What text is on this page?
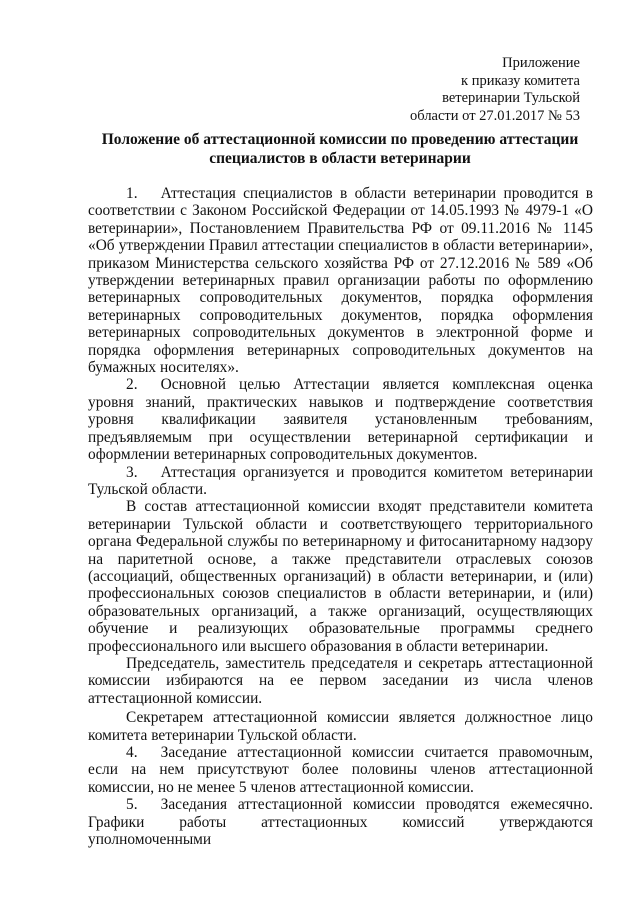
Приложение
к приказу комитета
ветеринарии Тульской
области от 27.01.2017 № 53
Положение об аттестационной комиссии по проведению аттестации
специалистов в области ветеринарии

1.  Аттестация специалистов в области ветеринарии проводится в соответствии с Законом Российской Федерации от 14.05.1993 № 4979-1 «О ветеринарии», Постановлением Правительства РФ от 09.11.2016 № 1145 «Об утверждении Правил аттестации специалистов в области ветеринарии», приказом Министерства сельского хозяйства РФ от 27.12.2016 № 589 «Об утверждении ветеринарных правил организации работы по оформлению ветеринарных сопроводительных документов, порядка оформления ветеринарных сопроводительных документов, порядка оформления ветеринарных сопроводительных документов в электронной форме и порядка оформления ветеринарных сопроводительных документов на бумажных носителях».

2.  Основной целью Аттестации является комплексная оценка уровня знаний, практических навыков и подтверждение соответствия уровня квалификации заявителя установленным требованиям, предъявляемым при осуществлении ветеринарной сертификации и оформлении ветеринарных сопроводительных документов.

3.  Аттестация организуется и проводится комитетом ветеринарии Тульской области.

В состав аттестационной комиссии входят представители комитета ветеринарии Тульской области и соответствующего территориального органа Федеральной службы по ветеринарному и фитосанитарному надзору на паритетной основе, а также представители отраслевых союзов (ассоциаций, общественных организаций) в области ветеринарии, и (или) профессиональных союзов специалистов в области ветеринарии, и (или) образовательных организаций, а также организаций, осуществляющих обучение и реализующих образовательные программы среднего профессионального или высшего образования в области ветеринарии.

Председатель, заместитель председателя и секретарь аттестационной комиссии избираются на ее первом заседании из числа членов аттестационной комиссии.

Секретарем аттестационной комиссии является должностное лицо комитета ветеринарии Тульской области.

4.  Заседание аттестационной комиссии считается правомочным, если на нем присутствуют более половины членов аттестационной комиссии, но не менее 5 членов аттестационной комиссии.

5.  Заседания аттестационной комиссии проводятся ежемесячно. Графики работы аттестационных комиссий утверждаются уполномоченными
